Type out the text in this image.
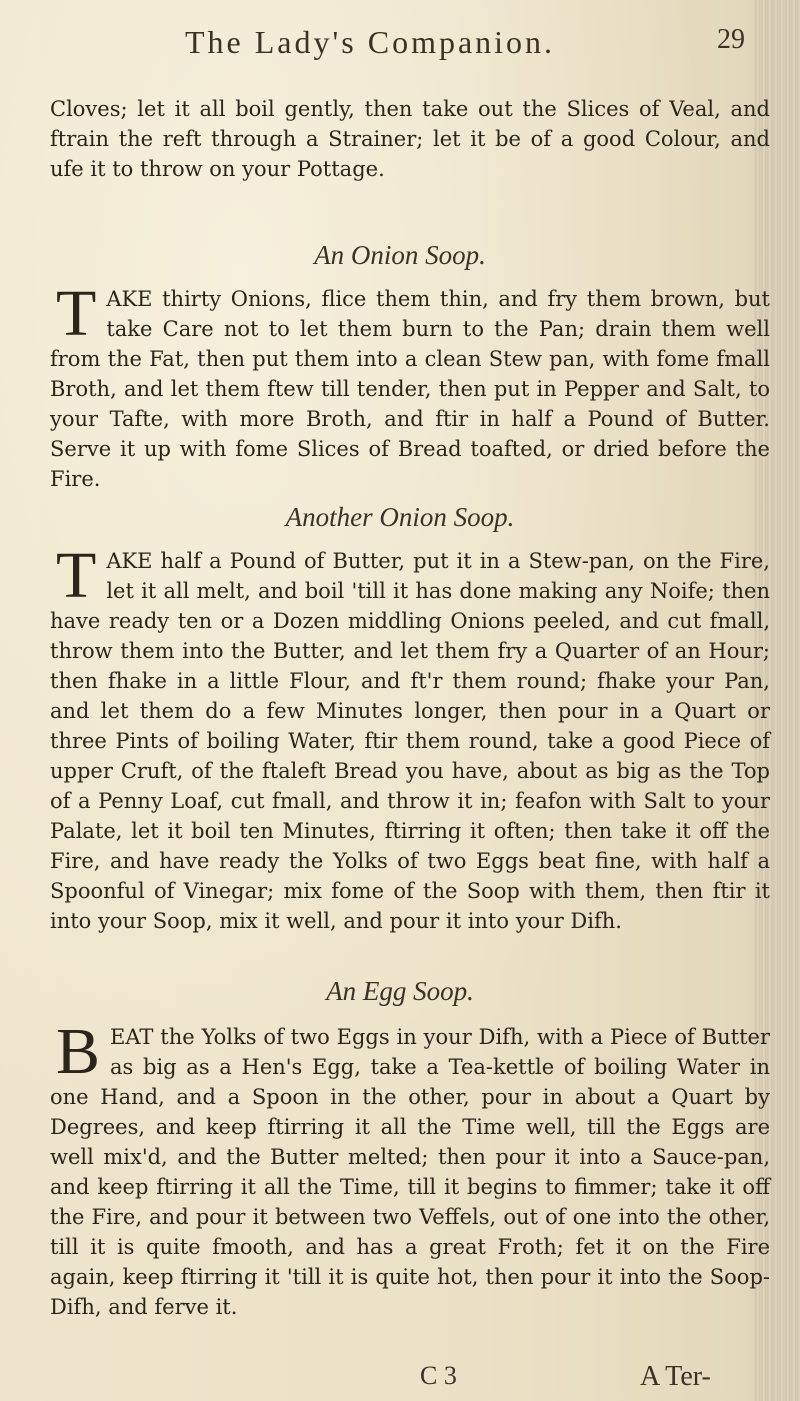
The Lady's Companion.	29

Cloves; let it all boil gently, then take out the Slices of Veal, and ftrain the reft through a Strainer; let it be of a good Colour, and ufe it to throw on your Pottage.

An Onion Soop.
TAKE thirty Onions, flice them thin, and fry them brown, but take Care not to let them burn to the Pan; drain them well from the Fat, then put them into a clean Stew pan, with fome fmall Broth, and let them ftew till tender, then put in Pepper and Salt, to your Tafte, with more Broth, and ftir in half a Pound of Butter. Serve it up with fome Slices of Bread toafted, or dried before the Fire.
Another Onion Soop.
TAKE half a Pound of Butter, put it in a Stew-pan, on the Fire, let it all melt, and boil 'till it has done making any Noife; then have ready ten or a Dozen middling Onions peeled, and cut fmall, throw them into the Butter, and let them fry a Quarter of an Hour; then fhake in a little Flour, and ft'r them round; fhake your Pan, and let them do a few Minutes longer, then pour in a Quart or three Pints of boiling Water, ftir them round, take a good Piece of upper Cruft, of the ftaleft Bread you have, about as big as the Top of a Penny Loaf, cut fmall, and throw it in; feafon with Salt to your Palate, let it boil ten Minutes, ftirring it often; then take it off the Fire, and have ready the Yolks of two Eggs beat fine, with half a Spoonful of Vinegar; mix fome of the Soop with them, then ftir it into your Soop, mix it well, and pour it into your Difh.
An Egg Soop.
BEAT the Yolks of two Eggs in your Difh, with a Piece of Butter as big as a Hen's Egg, take a Tea-kettle of boiling Water in one Hand, and a Spoon in the other, pour in about a Quart by Degrees, and keep ftirring it all the Time well, till the Eggs are well mix'd, and the Butter melted; then pour it into a Sauce-pan, and keep ftirring it all the Time, till it begins to fimmer; take it off the Fire, and pour it between two Veffels, out of one into the other, till it is quite fmooth, and has a great Froth; fet it on the Fire again, keep ftirring it 'till it is quite hot, then pour it into the Soop-Difh, and ferve it.
C 3	A Ter-
